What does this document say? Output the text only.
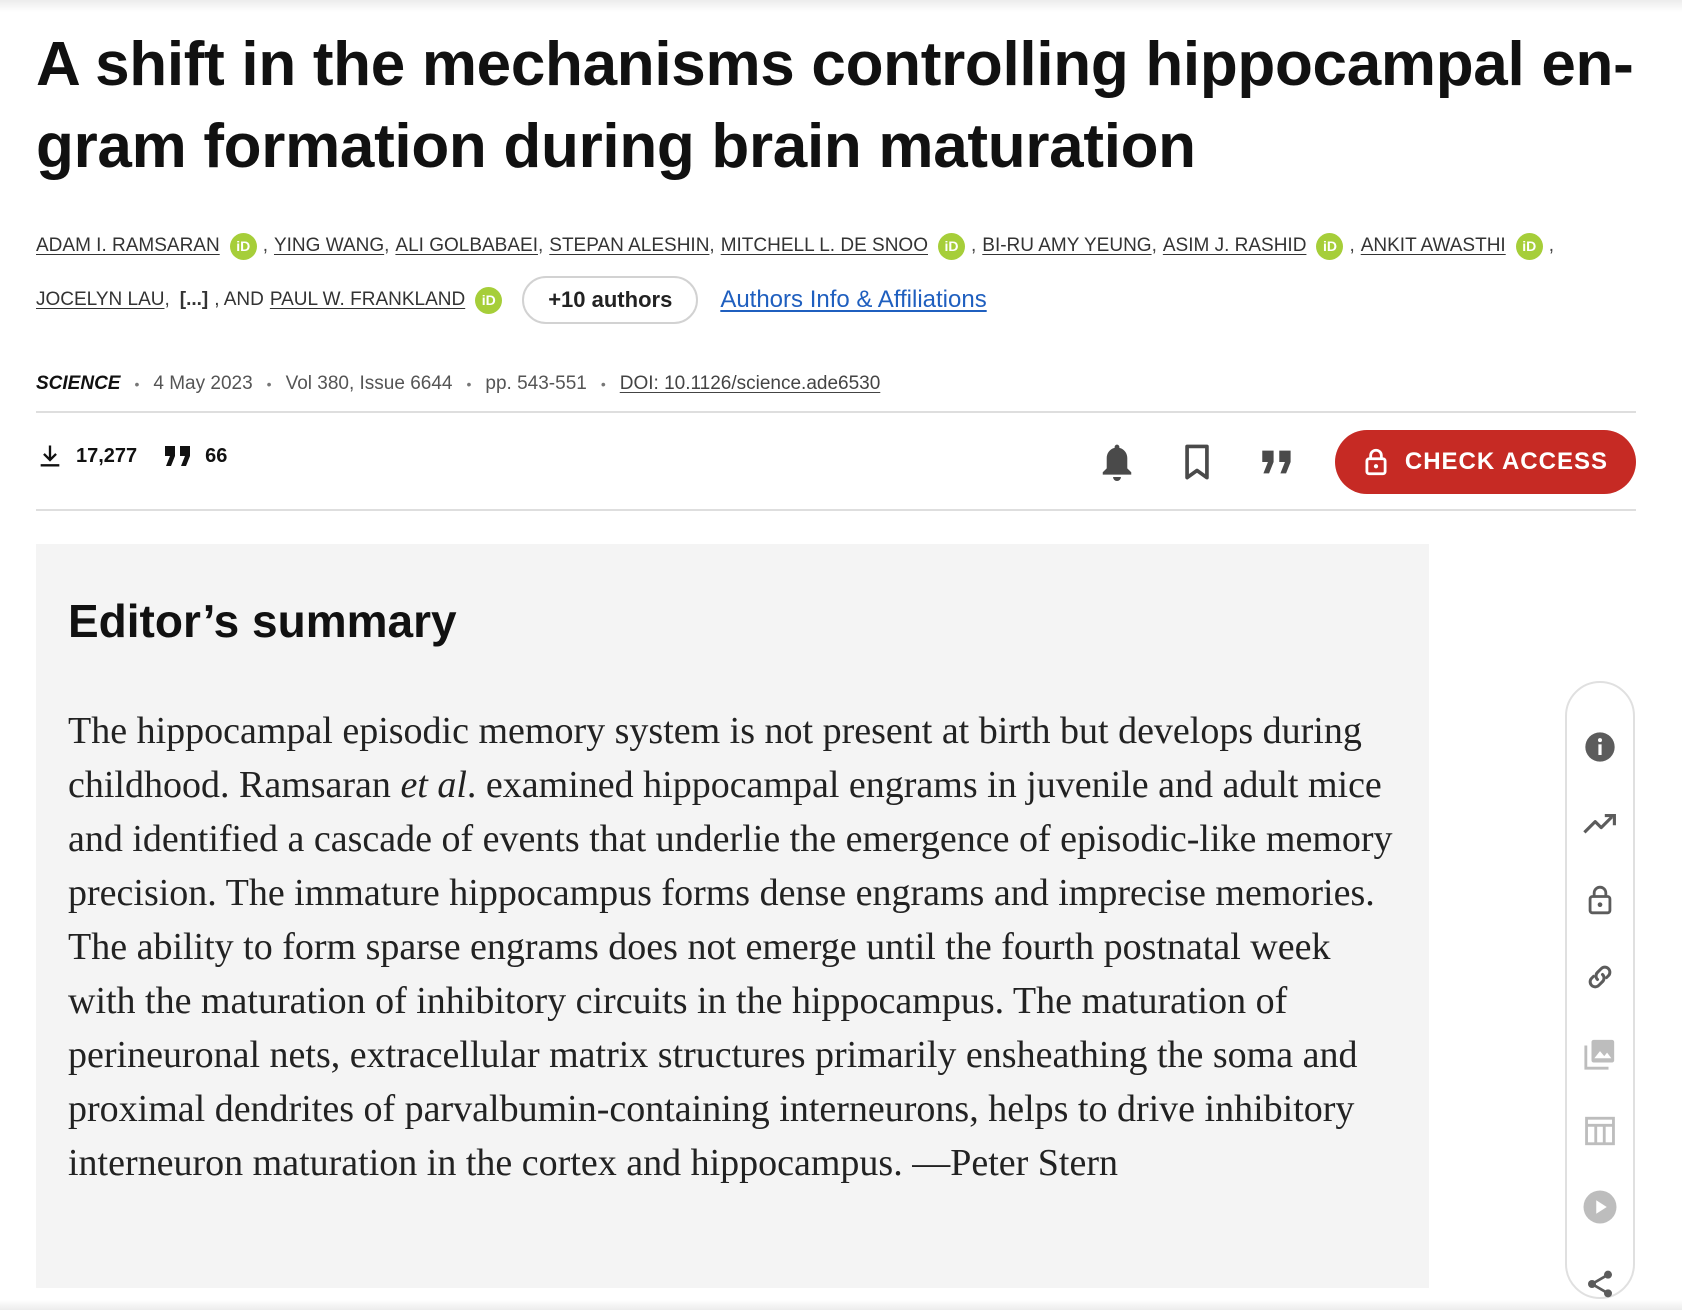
A shift in the mechanisms controlling hippocampal engram formation during brain maturation
ADAM I. RAMSARAN	iD , YING WANG , ALI GOLBABAEI , STEPAN ALESHIN , MITCHELL L. DE SNOO	iD , BI-RU AMY YEUNG , ASIM J. RASHID	iD , ANKIT AWASTHI	iD ,
JOCELYN LAU , [...] , AND PAUL W. FRANKLAND	iD	+10 authors	Authors Info & Affiliations
SCIENCE • 4 May 2023 • Vol 380, Issue 6644 • pp. 543-551 • DOI: 10.1126/science.ade6530
17,277	66	CHECK ACCESS
Editor’s summary

The hippocampal episodic memory system is not present at birth but develops during childhood. Ramsaran et al. examined hippocampal engrams in juvenile and adult mice and identified a cascade of events that underlie the emergence of episodic-like memory precision. The immature hippocampus forms dense engrams and imprecise memories. The ability to form sparse engrams does not emerge until the fourth postnatal week with the maturation of inhibitory circuits in the hippocampus. The maturation of perineuronal nets, extracellular matrix structures primarily ensheathing the soma and proximal dendrites of parvalbumin-containing interneurons, helps to drive inhibitory interneuron maturation in the cortex and hippocampus. —Peter Stern
